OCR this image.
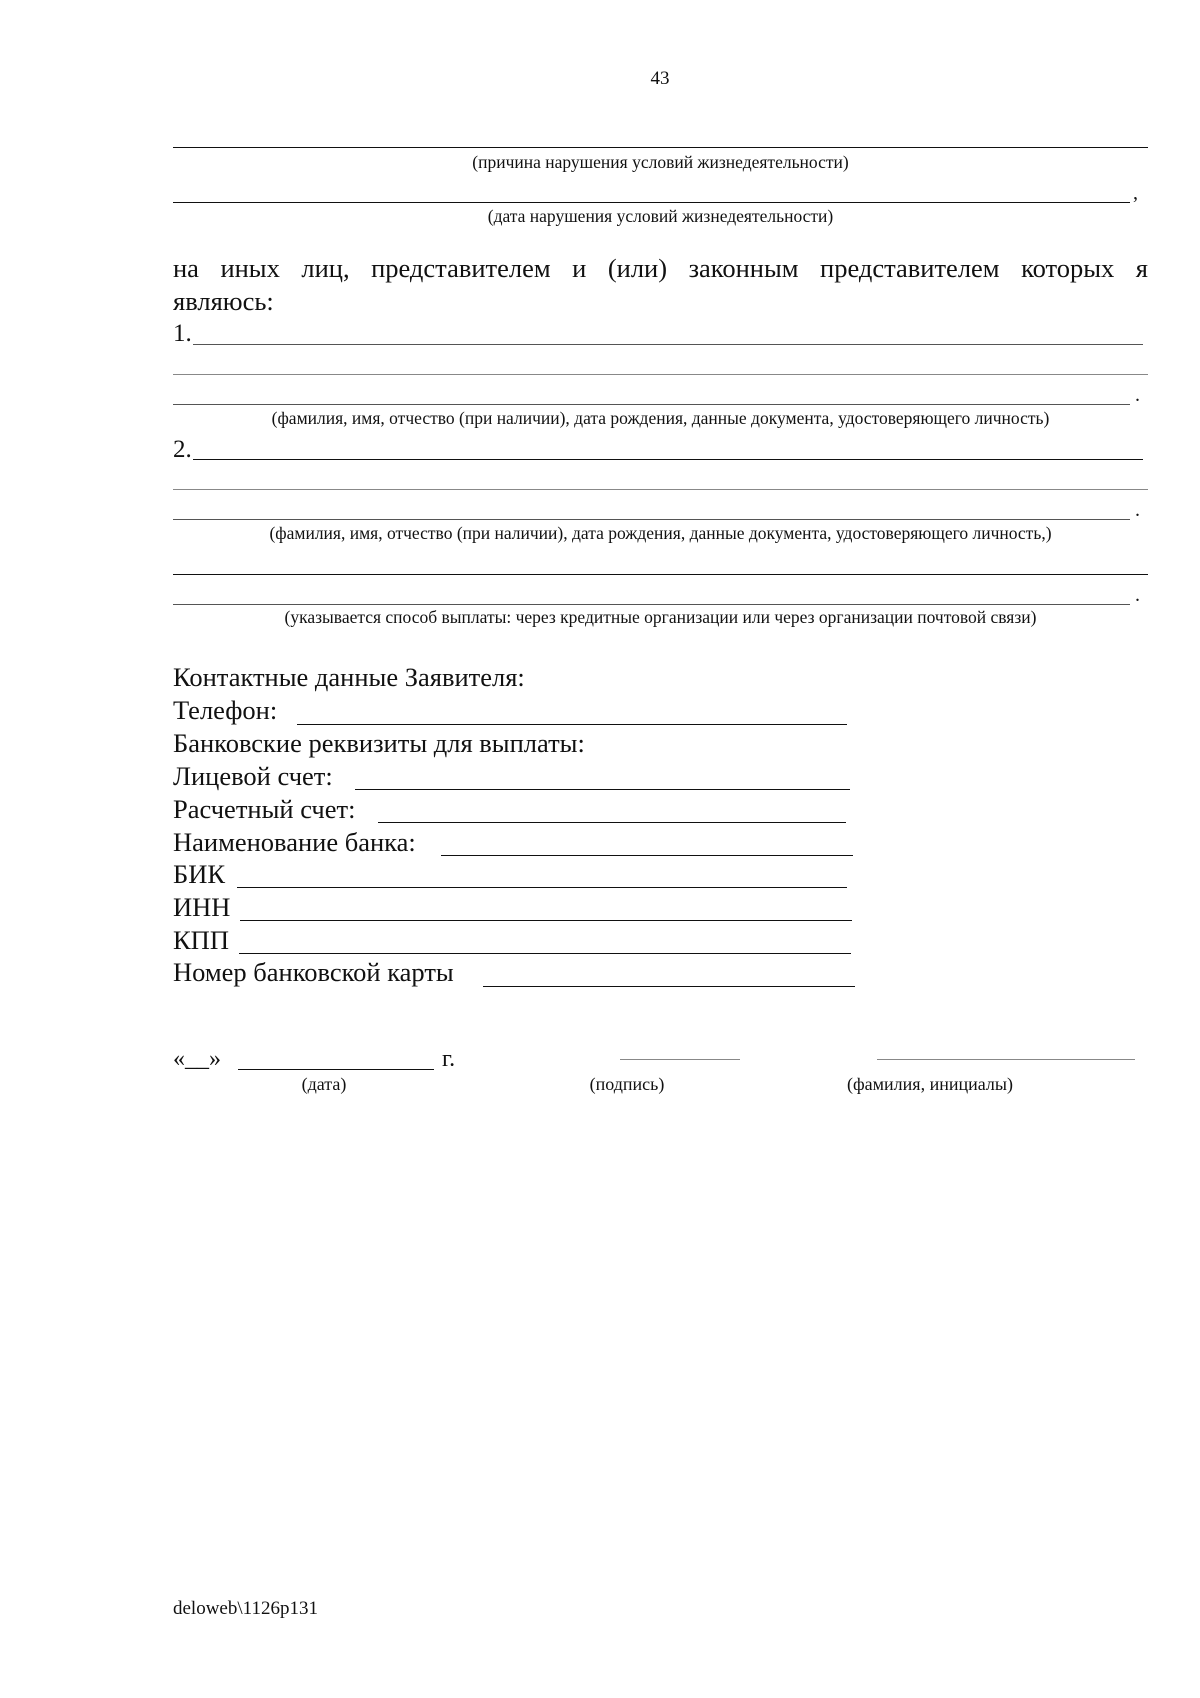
43
(причина нарушения условий жизнедеятельности)
,
(дата нарушения условий жизнедеятельности)
на иных лиц, представителем и (или) законным представителем которых я
являюсь:
1.
.
(фамилия, имя, отчество (при наличии), дата рождения, данные документа, удостоверяющего личность)
2.
.
(фамилия, имя, отчество (при наличии), дата рождения, данные документа, удостоверяющего личность,)
.
(указывается способ выплаты: через кредитные организации или через организации почтовой связи)
Контактные данные Заявителя:
Телефон:
Банковские реквизиты для выплаты:
Лицевой счет:
Расчетный счет:
Наименование банка:
БИК
ИНН
КПП
Номер банковской карты
«__»	г.
(дата)	(подпись)	(фамилия, инициалы)
deloweb\1126p131
